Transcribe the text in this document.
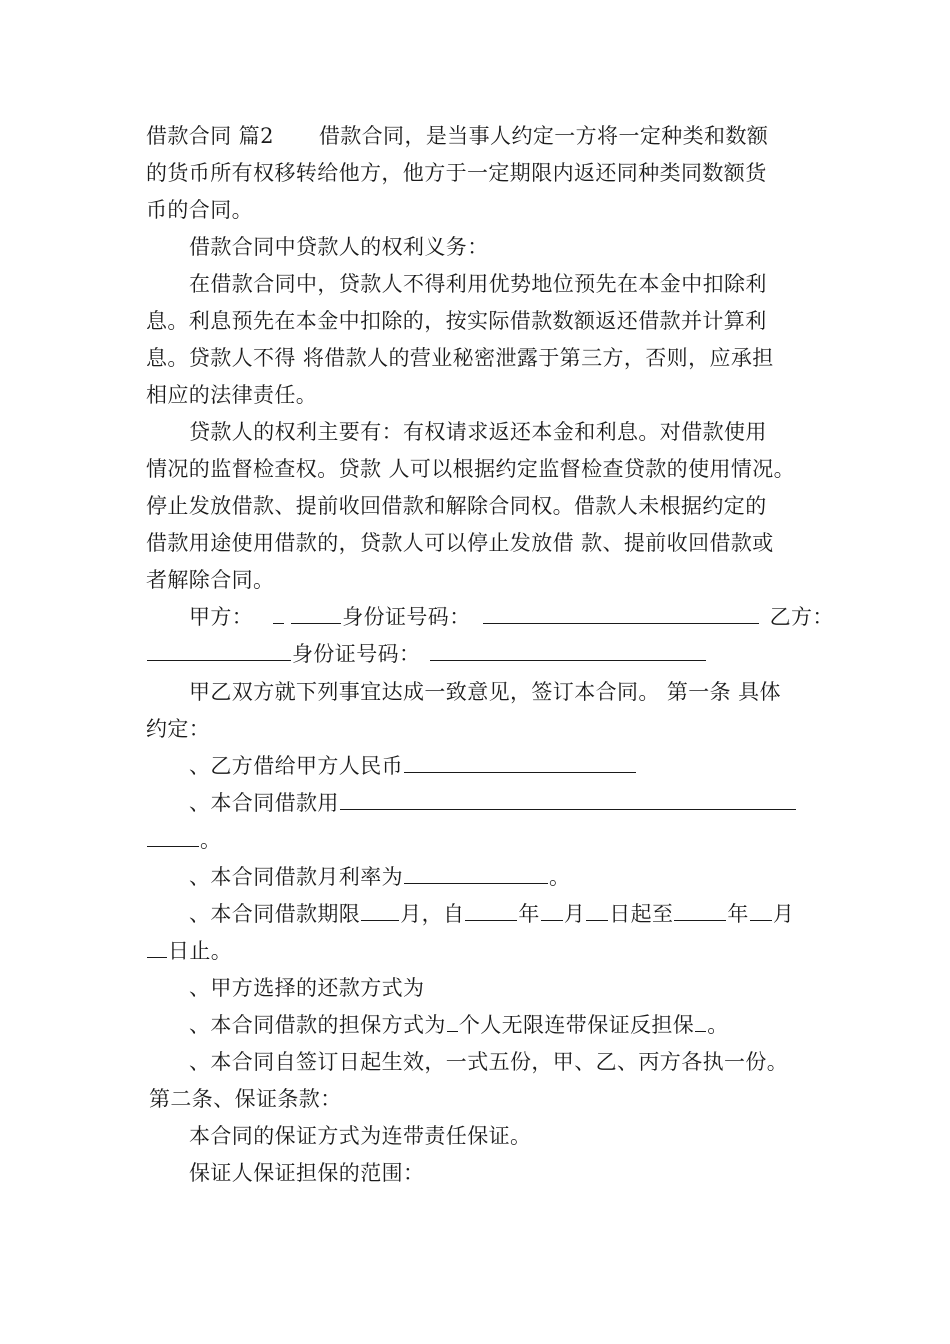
借款合同 篇2 借款合同，是当事人约定一方将一定种类和数额
的货币所有权移转给他方，他方于一定期限内返还同种类同数额货
币的合同。
借款合同中贷款人的权利义务：
在借款合同中，贷款人不得利用优势地位预先在本金中扣除利
息。利息预先在本金中扣除的，按实际借款数额返还借款并计算利
息。贷款人不得 将借款人的营业秘密泄露于第三方，否则，应承担
相应的法律责任。
贷款人的权利主要有：有权请求返还本金和利息。对借款使用
情况的监督检查权。贷款 人可以根据约定监督检查贷款的使用情况。
停止发放借款、提前收回借款和解除合同权。借款人未根据约定的
借款用途使用借款的，贷款人可以停止发放借 款、提前收回借款或
者解除合同。
甲方：	身份证号码：	乙方：
身份证号码：
甲乙双方就下列事宜达成一致意见，签订本合同。 第一条 具体
约定：
、乙方借给甲方人民币
、本合同借款用
。
、本合同借款月利率为	。
、本合同借款期限 月，自	年 月 日起至	年 月
日止。
、甲方选择的还款方式为
、本合同借款的担保方式为 个人无限连带保证反担保 。
、本合同自签订日起生效，一式五份，甲、乙、丙方各执一份。
第二条、保证条款：
本合同的保证方式为连带责任保证。
保证人保证担保的范围：
